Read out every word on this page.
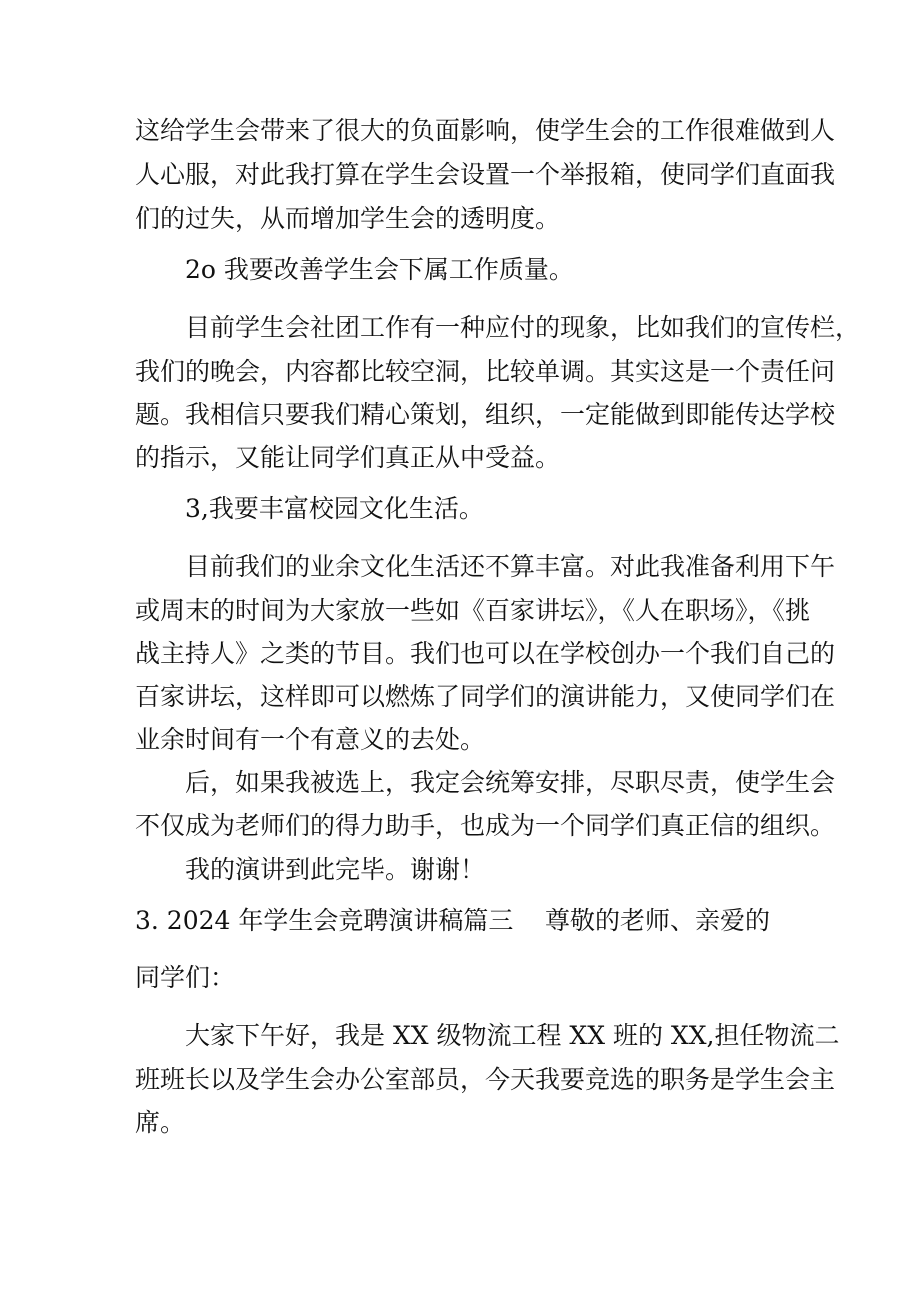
这给学生会带来了很大的负面影响，使学生会的工作很难做到人
人心服，对此我打算在学生会设置一个举报箱，使同学们直面我
们的过失，从而增加学生会的透明度。
2o 我要改善学生会下属工作质量。
目前学生会社团工作有一种应付的现象，比如我们的宣传栏，
我们的晚会，内容都比较空洞，比较单调。其实这是一个责任问
题。我相信只要我们精心策划，组织，一定能做到即能传达学校
的指示，又能让同学们真正从中受益。
3,我要丰富校园文化生活。
目前我们的业余文化生活还不算丰富。对此我准备利用下午
或周末的时间为大家放一些如《百家讲坛》，《人在职场》，《挑
战主持人》之类的节目。我们也可以在学校创办一个我们自己的
百家讲坛，这样即可以燃炼了同学们的演讲能力，又使同学们在
业余时间有一个有意义的去处。
后，如果我被选上，我定会统筹安排，尽职尽责，使学生会
不仅成为老师们的得力助手，也成为一个同学们真正信的组织。
我的演讲到此完毕。谢谢！
3. 2024 年学生会竞聘演讲稿篇三 尊敬的老师、亲爱的
同学们：
大家下午好，我是 XX 级物流工程 XX 班的 XX,担任物流二
班班长以及学生会办公室部员，今天我要竞选的职务是学生会主
席。
